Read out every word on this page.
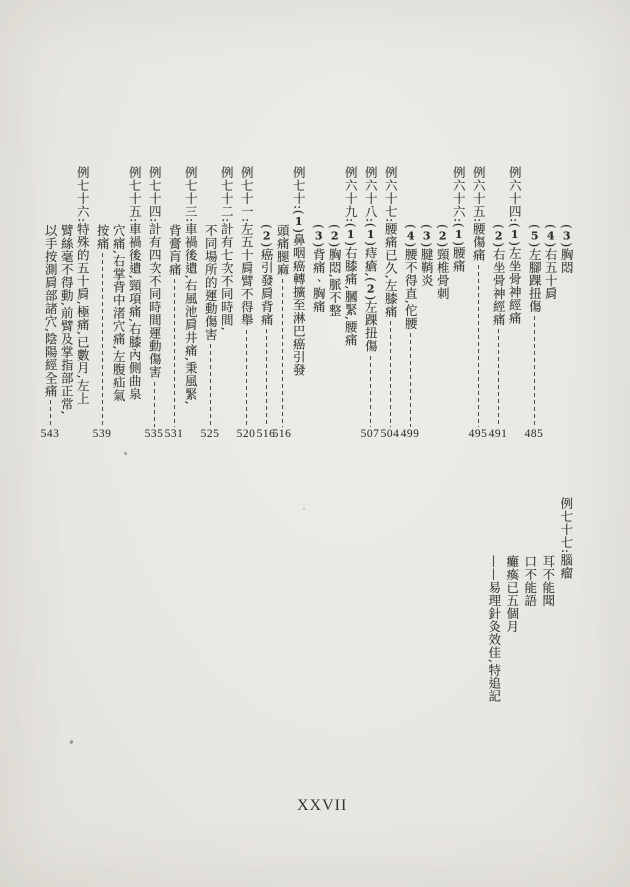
(3)胸悶
(4)右五十肩
(5)左腳踝扭傷
485
例六十四:(1)左坐骨神經痛
(2)右坐骨神經痛
491
例六十五:腰傷痛
495
例六十六:(1)腰痛
(2)頸椎骨刺
(3)腱鞘炎
(4)腰不得直,佗腰
499
例六十七:腰痛已久,左膝痛
504
例六十八:(1)痔瘡,(2)左踝扭傷
507
例六十九:(1)右膝痛,膕緊,腰痛
(2)胸悶,脈不整
(3)背痛、胸痛
例七十:(1)鼻咽癌轉擴至淋巴癌引發
頭痛腿麻
516
(2)癌引發肩背痛
516
例七十一:左五十肩臂不得舉
520
例七十二:計有七次不同時間,
不同場所的運動傷害
525
例七十三:車禍後遺,右風池肩井痛,秉風緊,
背膏肓痛
531
例七十四:計有四次不同時間運動傷害
535
例七十五:車禍後遺,頸項痛,右膝內側曲泉
穴痛,右掌背中渚穴痛,左腹疝氣
按痛
539
例七十六:特殊的五十肩,極痛,已數月,左上
臂絲毫不得動,前臂及掌指部正常,
以手按測肩部諸穴,陰陽經全痛
543
例七十七:腦瘤
耳不能聞
口不能語
癱瘓已五個月
——易理針灸效佳,特追記
XXVII
